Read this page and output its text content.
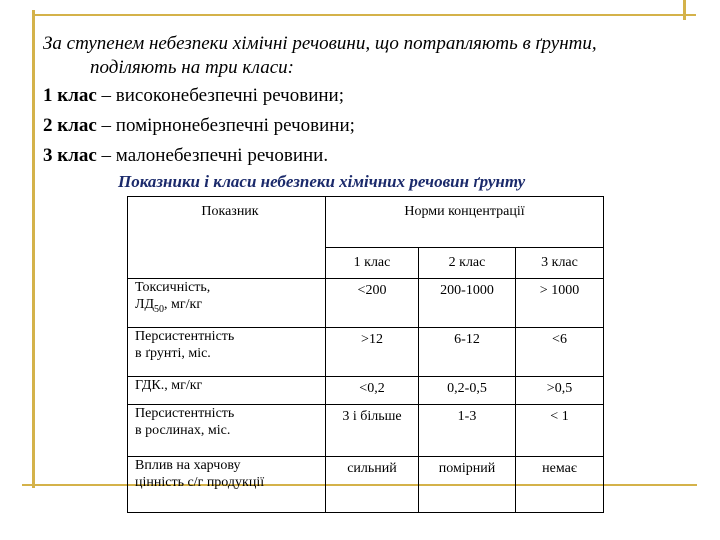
За ступенем небезпеки хімічні речовини, що потрапляють в ґрунти,
поділяють на три класи:
1 клас – високонебезпечні речовини;
2 клас – помірнонебезпечні речовини;
3 клас – малонебезпечні речовини.
Показники і класи небезпеки хімічних речовин ґрунту
Показник	Норми концентрації		
	1 клас	2 клас	3 клас
Токсичність,
$ЛД_{50}$, мг/кг	<200	200-1000	> 1000
Персистентність
в ґрунті, міс.	>12	6-12	<6
ГДК., мг/кг	<0,2	0,2-0,5	>0,5
Персистентність
в рослинах, міс.	3 і більше	1-3	< 1
Вплив на харчову
цінність с/г продукції	сильний	помірний	немає
